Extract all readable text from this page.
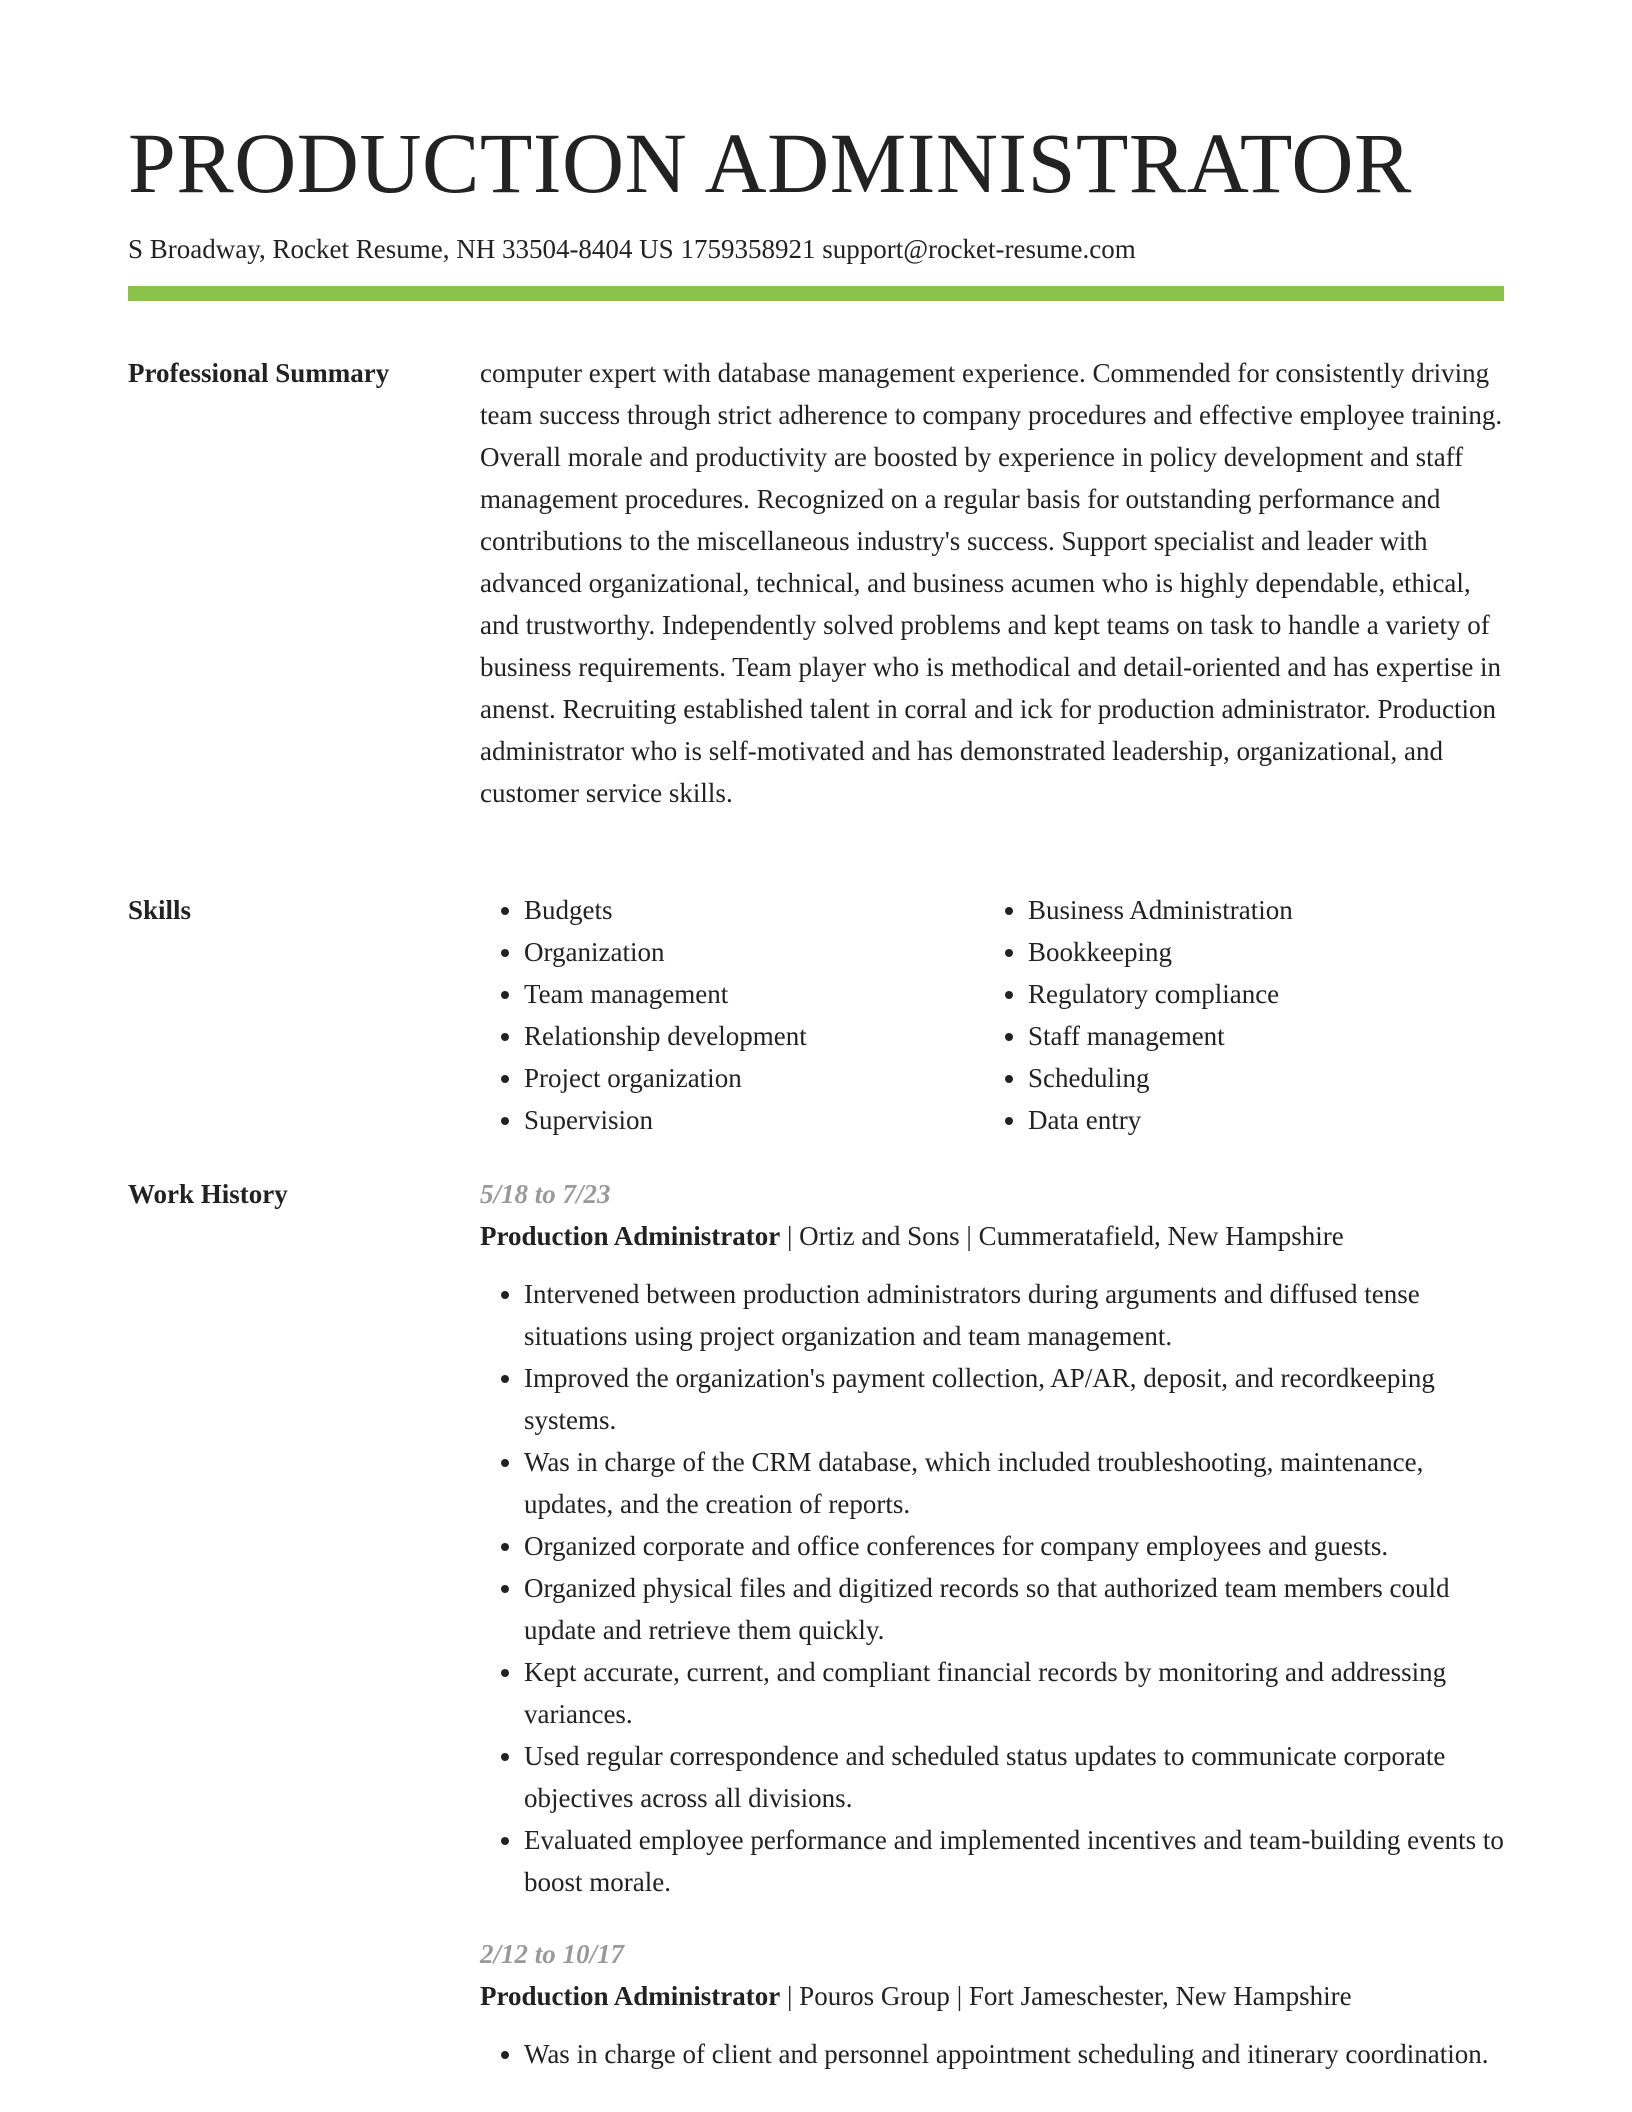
PRODUCTION ADMINISTRATOR
S Broadway, Rocket Resume, NH 33504-8404 US 1759358921 support@rocket-resume.com
Professional Summary	computer expert with database management experience. Commended for consistently driving team success through strict adherence to company procedures and effective employee training. Overall morale and productivity are boosted by experience in policy development and staff management procedures. Recognized on a regular basis for outstanding performance and contributions to the miscellaneous industry's success. Support specialist and leader with advanced organizational, technical, and business acumen who is highly dependable, ethical, and trustworthy. Independently solved problems and kept teams on task to handle a variety of business requirements. Team player who is methodical and detail-oriented and has expertise in anenst. Recruiting established talent in corral and ick for production administrator. Production administrator who is self-motivated and has demonstrated leadership, organizational, and customer service skills.

Skills
•	Budgets
• Organization
• Team management
• Relationship development
• Project organization
• Supervision
• Business Administration
• Bookkeeping
• Regulatory compliance
• Staff management
• Scheduling
• Data entry
Work History	5/18 to 7/23
Production Administrator | Ortiz and Sons | Cummeratafield, New Hampshire
• Intervened between production administrators during arguments and diffused tense situations using project organization and team management.
• Improved the organization's payment collection, AP/AR, deposit, and recordkeeping systems.
• Was in charge of the CRM database, which included troubleshooting, maintenance, updates, and the creation of reports.
• Organized corporate and office conferences for company employees and guests.
• Organized physical files and digitized records so that authorized team members could update and retrieve them quickly.
• Kept accurate, current, and compliant financial records by monitoring and addressing variances.
• Used regular correspondence and scheduled status updates to communicate corporate objectives across all divisions.
• Evaluated employee performance and implemented incentives and team-building events to boost morale.
2/12 to 10/17
Production Administrator | Pouros Group | Fort Jameschester, New Hampshire
• Was in charge of client and personnel appointment scheduling and itinerary coordination.
